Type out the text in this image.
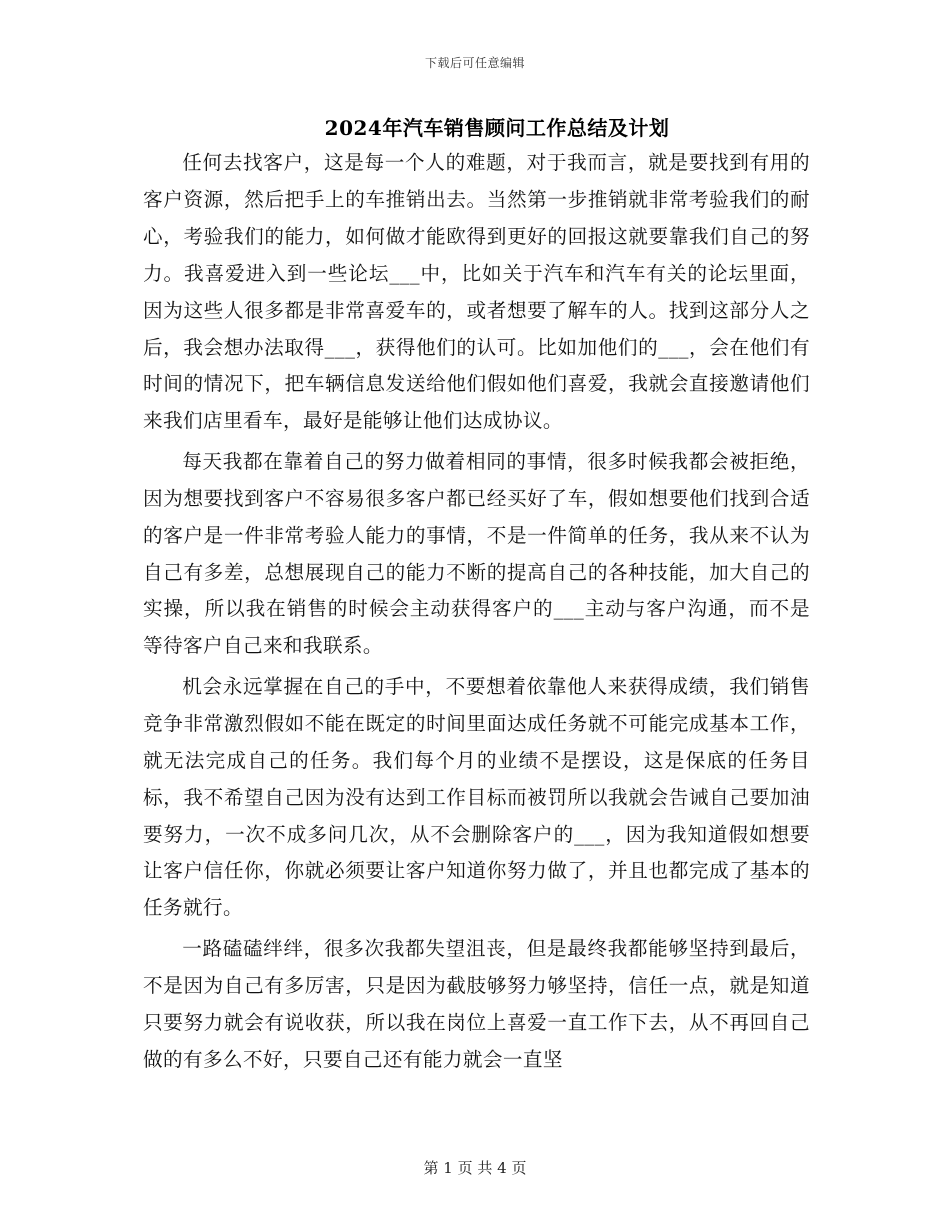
下载后可任意编辑
2024年汽车销售顾问工作总结及计划

任何去找客户，这是每一个人的难题，对于我而言，就是要找到有用的客户资源，然后把手上的车推销出去。当然第一步推销就非常考验我们的耐心，考验我们的能力，如何做才能欧得到更好的回报这就要靠我们自己的努力。我喜爱进入到一些论坛___中，比如关于汽车和汽车有关的论坛里面，因为这些人很多都是非常喜爱车的，或者想要了解车的人。找到这部分人之后，我会想办法取得___，获得他们的认可。比如加他们的___，会在他们有时间的情况下，把车辆信息发送给他们假如他们喜爱，我就会直接邀请他们来我们店里看车，最好是能够让他们达成协议。

每天我都在靠着自己的努力做着相同的事情，很多时候我都会被拒绝，因为想要找到客户不容易很多客户都已经买好了车，假如想要他们找到合适的客户是一件非常考验人能力的事情，不是一件简单的任务，我从来不认为自己有多差，总想展现自己的能力不断的提高自己的各种技能，加大自己的实操，所以我在销售的时候会主动获得客户的___主动与客户沟通，而不是等待客户自己来和我联系。

机会永远掌握在自己的手中，不要想着依靠他人来获得成绩，我们销售竞争非常激烈假如不能在既定的时间里面达成任务就不可能完成基本工作，就无法完成自己的任务。我们每个月的业绩不是摆设，这是保底的任务目标，我不希望自己因为没有达到工作目标而被罚所以我就会告诫自己要加油要努力，一次不成多问几次，从不会删除客户的___，因为我知道假如想要让客户信任你，你就必须要让客户知道你努力做了，并且也都完成了基本的任务就行。

一路磕磕绊绊，很多次我都失望沮丧，但是最终我都能够坚持到最后，不是因为自己有多厉害，只是因为截肢够努力够坚持，信任一点，就是知道只要努力就会有说收获，所以我在岗位上喜爱一直工作下去，从不再回自己做的有多么不好，只要自己还有能力就会一直坚

第 1 页 共 4 页
